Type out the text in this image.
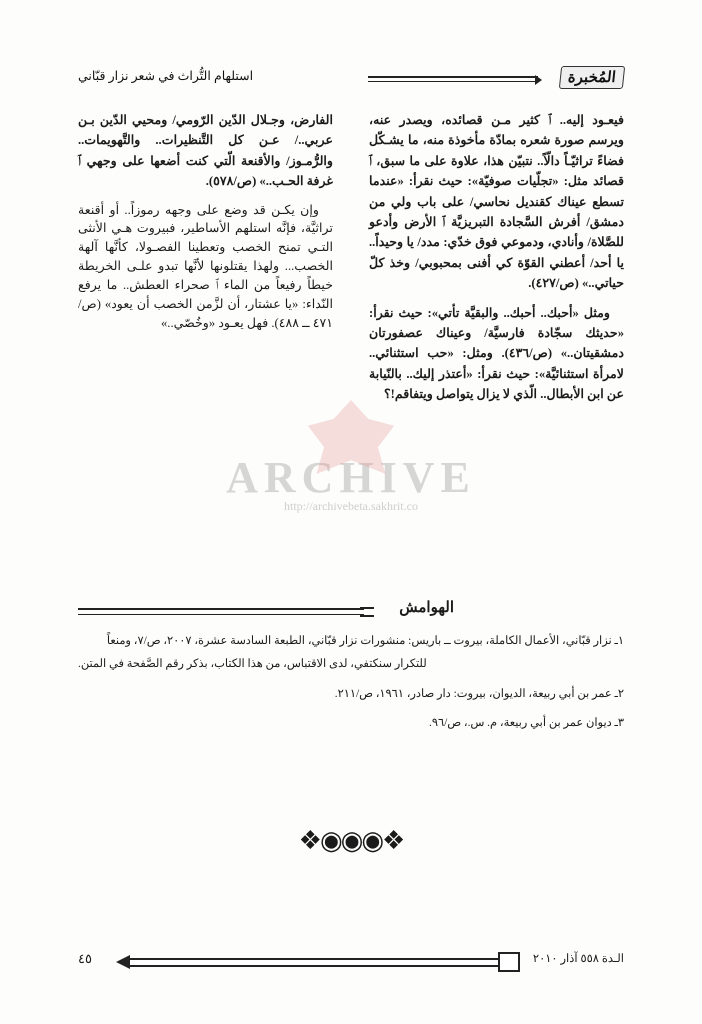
المُخبرة
استلهام التُّراث في شعر نزار قبّاني

فيعـود إليه.. ﭐ كثير مـن قصائده، ويصدر عنه، ويرسم صورة شعره بمادّة مأخوذة منه، ما يشـكّل فضاءً تراثيّـاً دالّاً.. نتبيّن هذا، علاوة على ما سبق، ﭐ قصائد مثل: «تجلّيات صوفيّة»: حيث نقرأ: «عندما تسطع عيناك كقنديل نحاسي/ على باب ولي من دمشق/ أفرش السَّجادة التبريزيَّة ﭐ الأرض وأدعو للصَّلاة/ وأنادي، ودموعي فوق خدّي: مدد/ يا وحيداً.. يا أحد/ أعطني القوّة كي أفنى بمحبوبي/ وخذ كلّ حياتي..» (ص/٤٢٧).

ومثل «أحبك.. أحبك.. والبقيَّة تأتي»: حيث نقرأ: «حديثك سجّادة فارسيَّة/ وعيناك عصفورتان دمشقيتان..» (ص/٤٣٦). ومثل: «حب استثنائي.. لامرأة استثنائيَّة»: حيث نقرأ: «أعتذر إليك.. بالنّيابة عن ابن الأبطال.. الّذي لا يزال يتواصل ويتفاقم!؟

الفارض، وجـلال الدّين الرّومي/ ومحيي الدّين بـن عربي../ عـن كل التَّنظيرات.. والتَّهويمات.. والرُّمـوز/ والأقنعة الّتي كنت أضعها على وجهي ﭐ غرفة الحـب..» (ص/٥٧٨).

وإن يكـن قد وضع على وجهه رموزاً.. أو أقنعة تراثيَّة، فإنَّه استلهم الأساطير، فبيروت هـي الأنثى التـي تمنح الخصب وتعطينا الفصـولا، كأنَّها آلهة الخصب... ولهذا يقتلونها لأنَّها تبدو علـى الخريطة خيطاً رفيعاً من الماء ﭐ صحراء العطش.. ما يرفع النّداء: «يا عشتار، أن لزَّمن الخصب أن يعود» (ص/٤٧١ ــ ٤٨٨). فهل يعـود «وخُصّي..»

ARCHIVE
http://archivebeta.sakhrit.co
الهوامش

١ـ نزار قبّاني، الأعمال الكاملة، بيروت ــ باريس: منشورات نزار قبّاني، الطبعة السادسة عشرة، ٢٠٠٧، ص/٧، ومنعاً

للتكرار سنكتفي، لدى الاقتباس، من هذا الكتاب، بذكر رقم الصَّفحة في المتن.

٢ـ عمر بن أبي ربيعة، الديوان، بيروت: دار صادر، ١٩٦١، ص/٢١١.

٣ـ ديوان عمر بن أبي ربيعة، م. س.، ص/٩٦.

❖◉◉◉❖
٤٥	ال‍‍‍‍‍‍‍‍‍‍‍‍‍‍‍‍ـدة ٥٥٨ آذار ٢٠١٠
